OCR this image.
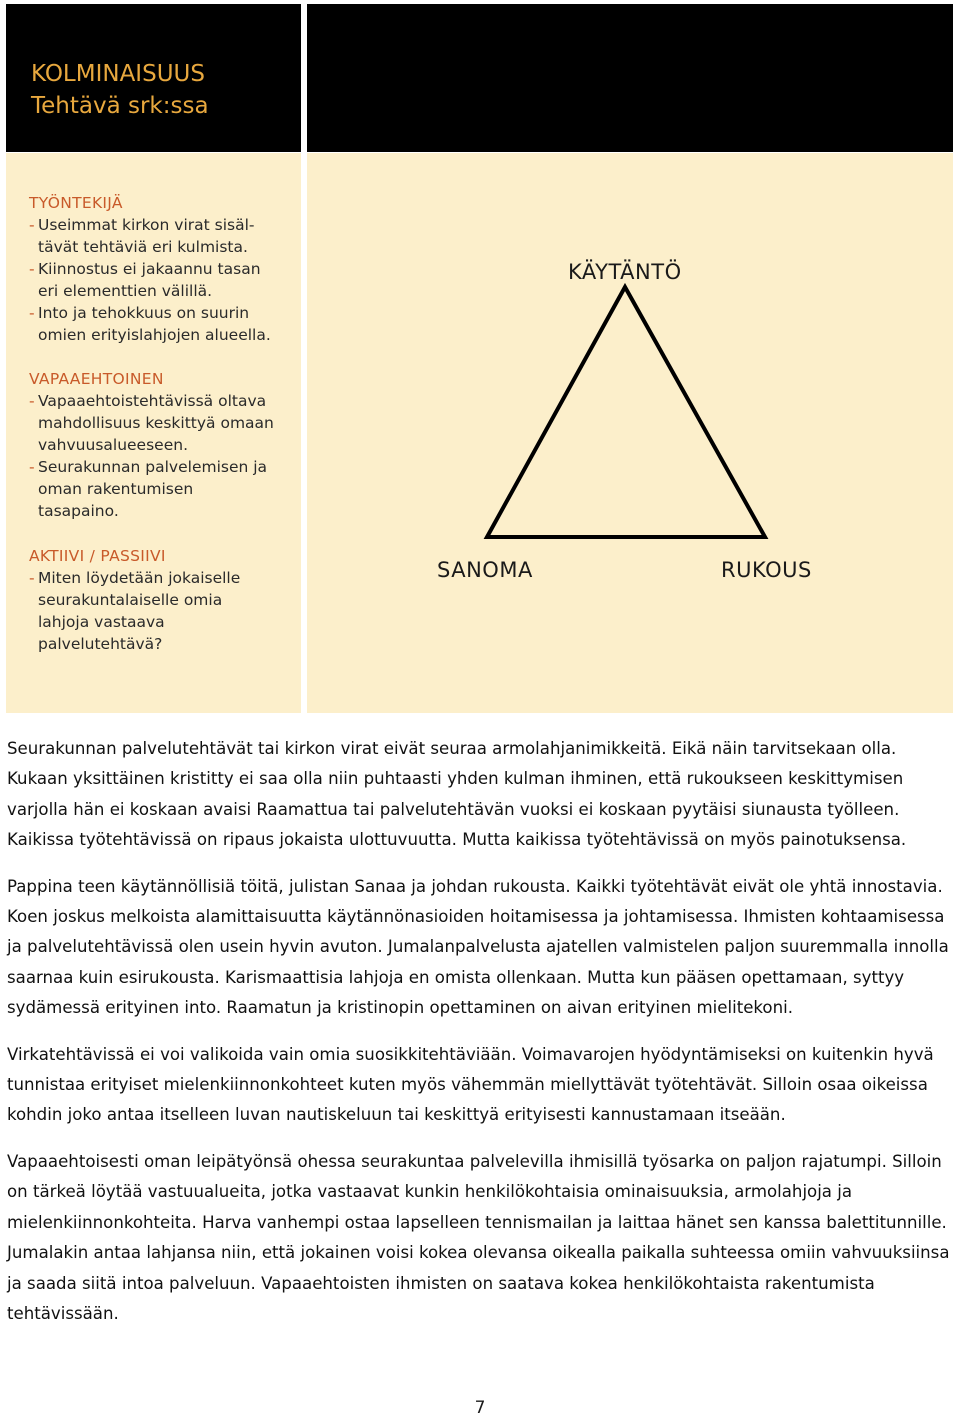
KOLMINAISUUS
Tehtävä srk:ssa
TYÖNTEKIJÄ
- Useimmat kirkon virat sisäl-
tävät tehtäviä eri kulmista.
- Kiinnostus ei jakaannu tasan
eri elementtien välillä.
- Into ja tehokkuus on suurin
omien erityislahjojen alueella.
VAPAAEHTOINEN
- Vapaaehtoistehtävissä oltava
mahdollisuus keskittyä omaan
vahvuusalueeseen.
- Seurakunnan palvelemisen ja
oman rakentumisen
tasapaino.
AKTIIVI / PASSIIVI
- Miten löydetään jokaiselle
seurakuntalaiselle omia
lahjoja vastaava
palvelutehtävä?
KÄYTÄNTÖ
SANOMA	RUKOUS

Seurakunnan palvelutehtävät tai kirkon virat eivät seuraa armolahjanimikkeitä. Eikä näin tarvitsekaan olla. Kukaan yksittäinen kristitty ei saa olla niin puhtaasti yhden kulman ihminen, että rukoukseen keskittymisen varjolla hän ei koskaan avaisi Raamattua tai palvelutehtävän vuoksi ei koskaan pyytäisi siunausta työlleen. Kaikissa työtehtävissä on ripaus jokaista ulottuvuutta. Mutta kaikissa työtehtävissä on myös painotuksensa.

Pappina teen käytännöllisiä töitä, julistan Sanaa ja johdan rukousta. Kaikki työtehtävät eivät ole yhtä innostavia. Koen joskus melkoista alamittaisuutta käytännönasioiden hoitamisessa ja johtamisessa. Ihmisten kohtaamisessa ja palvelutehtävissä olen usein hyvin avuton. Jumalanpalvelusta ajatellen valmistelen paljon suuremmalla innolla saarnaa kuin esirukousta. Karismaattisia lahjoja en omista ollenkaan. Mutta kun pääsen opettamaan, syttyy sydämessä erityinen into. Raamatun ja kristinopin opettaminen on aivan erityinen mielitekoni.

Virkatehtävissä ei voi valikoida vain omia suosikkitehtäviään. Voimavarojen hyödyntämiseksi on kuitenkin hyvä tunnistaa erityiset mielenkiinnonkohteet kuten myös vähemmän miellyttävät työtehtävät. Silloin osaa oikeissa kohdin joko antaa itselleen luvan nautiskeluun tai keskittyä erityisesti kannustamaan itseään.

Vapaaehtoisesti oman leipätyönsä ohessa seurakuntaa palvelevilla ihmisillä työsarka on paljon rajatumpi. Silloin on tärkeä löytää vastuualueita, jotka vastaavat kunkin henkilökohtaisia ominaisuuksia, armolahjoja ja mielenkiinnonkohteita. Harva vanhempi ostaa lapselleen tennismailan ja laittaa hänet sen kanssa balettitunnille. Jumalakin antaa lahjansa niin, että jokainen voisi kokea olevansa oikealla paikalla suhteessa omiin vahvuuksiinsa ja saada siitä intoa palveluun. Vapaaehtoisten ihmisten on saatava kokea henkilökohtaista rakentumista tehtävissään.

7
